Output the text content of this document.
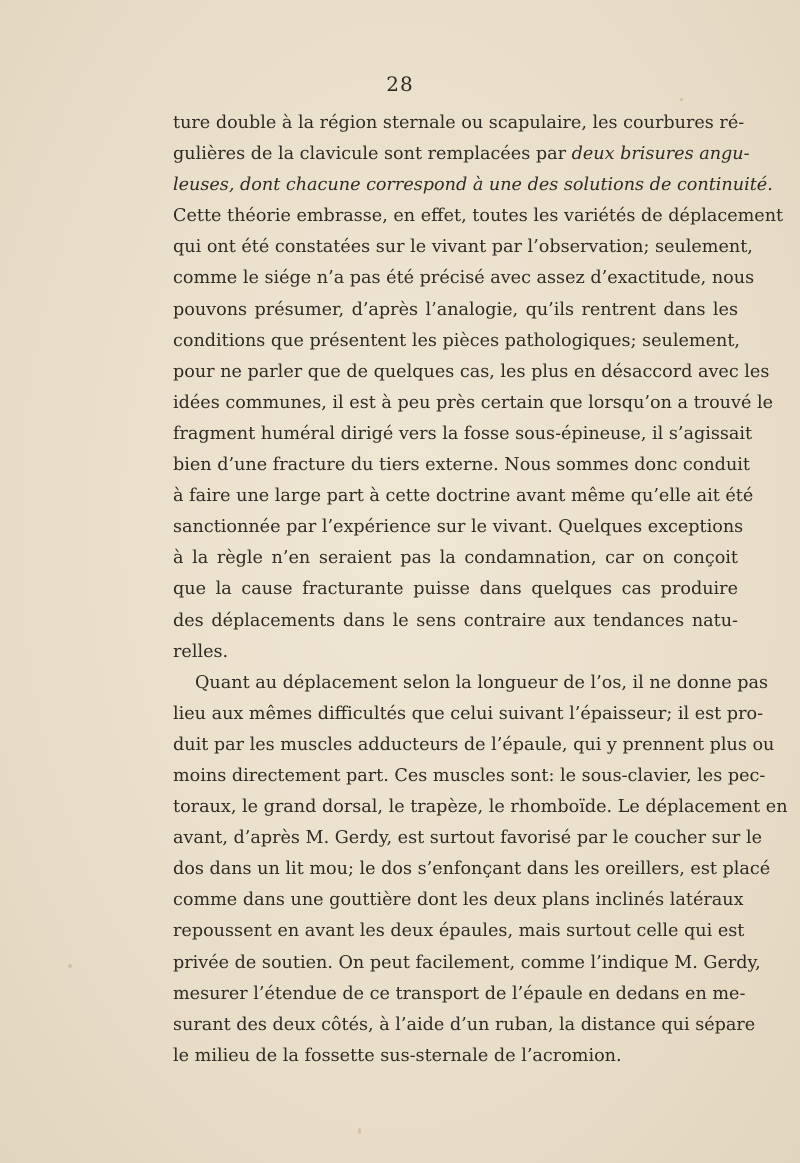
28
ture double à la région sternale ou scapulaire, les courbures ré-
gulières de la clavicule sont remplacées par deux brisures angu-
leuses, dont chacune correspond à une des solutions de continuité.
Cette théorie embrasse, en effet, toutes les variétés de déplacement
qui ont été constatées sur le vivant par l’observation; seulement,
comme le siége n’a pas été précisé avec assez d’exactitude, nous
pouvons présumer, d’après l’analogie, qu’ils rentrent dans les
conditions que présentent les pièces pathologiques; seulement,
pour ne parler que de quelques cas, les plus en désaccord avec les
idées communes, il est à peu près certain que lorsqu’on a trouvé le
fragment huméral dirigé vers la fosse sous-épineuse, il s’agissait
bien d’une fracture du tiers externe. Nous sommes donc conduit
à faire une large part à cette doctrine avant même qu’elle ait été
sanctionnée par l’expérience sur le vivant. Quelques exceptions
à la règle n’en seraient pas la condamnation, car on conçoit
que la cause fracturante puisse dans quelques cas produire
des déplacements dans le sens contraire aux tendances natu-
relles.
Quant au déplacement selon la longueur de l’os, il ne donne pas
lieu aux mêmes difficultés que celui suivant l’épaisseur; il est pro-
duit par les muscles adducteurs de l’épaule, qui y prennent plus ou
moins directement part. Ces muscles sont: le sous-clavier, les pec-
toraux, le grand dorsal, le trapèze, le rhomboïde. Le déplacement en
avant, d’après M. Gerdy, est surtout favorisé par le coucher sur le
dos dans un lit mou; le dos s’enfonçant dans les oreillers, est placé
comme dans une gouttière dont les deux plans inclinés latéraux
repoussent en avant les deux épaules, mais surtout celle qui est
privée de soutien. On peut facilement, comme l’indique M. Gerdy,
mesurer l’étendue de ce transport de l’épaule en dedans en me-
surant des deux côtés, à l’aide d’un ruban, la distance qui sépare
le milieu de la fossette sus-sternale de l’acromion.
